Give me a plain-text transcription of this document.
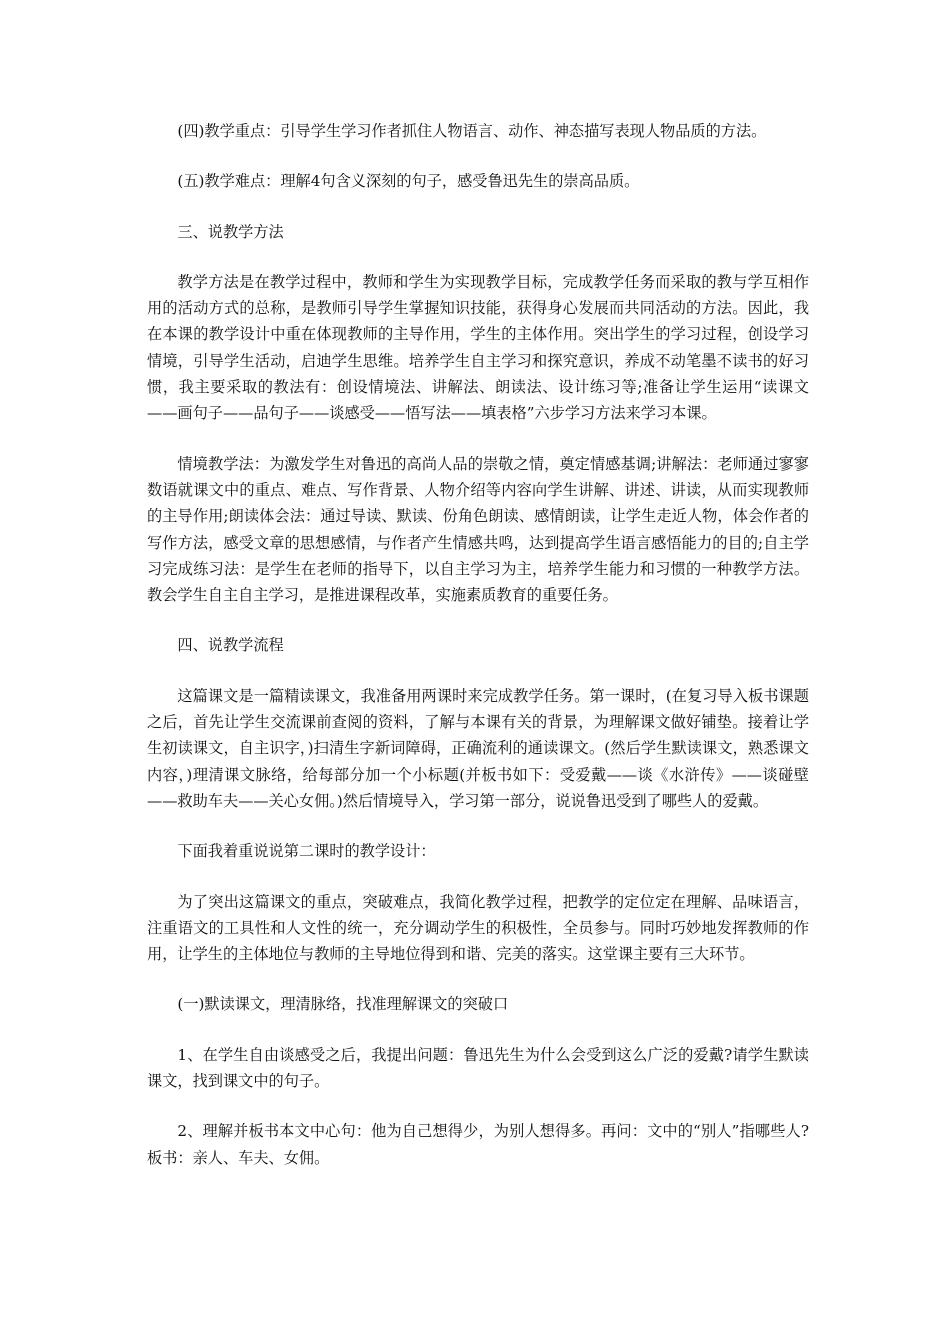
(四)教学重点：引导学生学习作者抓住人物语言、动作、神态描写表现人物品质的方法。

(五)教学难点：理解4句含义深刻的句子，感受鲁迅先生的崇高品质。

三、说教学方法

教学方法是在教学过程中，教师和学生为实现教学目标，完成教学任务而采取的教与学互相作用的活动方式的总称，是教师引导学生掌握知识技能，获得身心发展而共同活动的方法。因此，我在本课的教学设计中重在体现教师的主导作用，学生的主体作用。突出学生的学习过程，创设学习情境，引导学生活动，启迪学生思维。培养学生自主学习和探究意识，养成不动笔墨不读书的好习惯，我主要采取的教法有：创设情境法、讲解法、朗读法、设计练习等;准备让学生运用“读课文——画句子——品句子——谈感受——悟写法——填表格”六步学习方法来学习本课。

情境教学法：为激发学生对鲁迅的高尚人品的崇敬之情，奠定情感基调;讲解法：老师通过寥寥数语就课文中的重点、难点、写作背景、人物介绍等内容向学生讲解、讲述、讲读，从而实现教师的主导作用;朗读体会法：通过导读、默读、份角色朗读、感情朗读，让学生走近人物，体会作者的写作方法，感受文章的思想感情，与作者产生情感共鸣，达到提高学生语言感悟能力的目的;自主学习完成练习法：是学生在老师的指导下，以自主学习为主，培养学生能力和习惯的一种教学方法。教会学生自主自主学习，是推进课程改革，实施素质教育的重要任务。

四、说教学流程

这篇课文是一篇精读课文，我准备用两课时来完成教学任务。第一课时，(在复习导入板书课题之后，首先让学生交流课前查阅的资料，了解与本课有关的背景，为理解课文做好铺垫。接着让学生初读课文，自主识字，)扫清生字新词障碍，正确流利的通读课文。(然后学生默读课文，熟悉课文内容，)理清课文脉络，给每部分加一个小标题(并板书如下：受爱戴——谈《水浒传》——谈碰壁——救助车夫——关心女佣。)然后情境导入，学习第一部分，说说鲁迅受到了哪些人的爱戴。

下面我着重说说第二课时的教学设计：

为了突出这篇课文的重点，突破难点，我简化教学过程，把教学的定位定在理解、品味语言，注重语文的工具性和人文性的统一，充分调动学生的积极性，全员参与。同时巧妙地发挥教师的作用，让学生的主体地位与教师的主导地位得到和谐、完美的落实。这堂课主要有三大环节。

(一)默读课文，理清脉络，找准理解课文的突破口

1、在学生自由谈感受之后，我提出问题：鲁迅先生为什么会受到这么广泛的爱戴?请学生默读课文，找到课文中的句子。

2、理解并板书本文中心句：他为自己想得少，为别人想得多。再问：文中的“别人”指哪些人?板书：亲人、车夫、女佣。
